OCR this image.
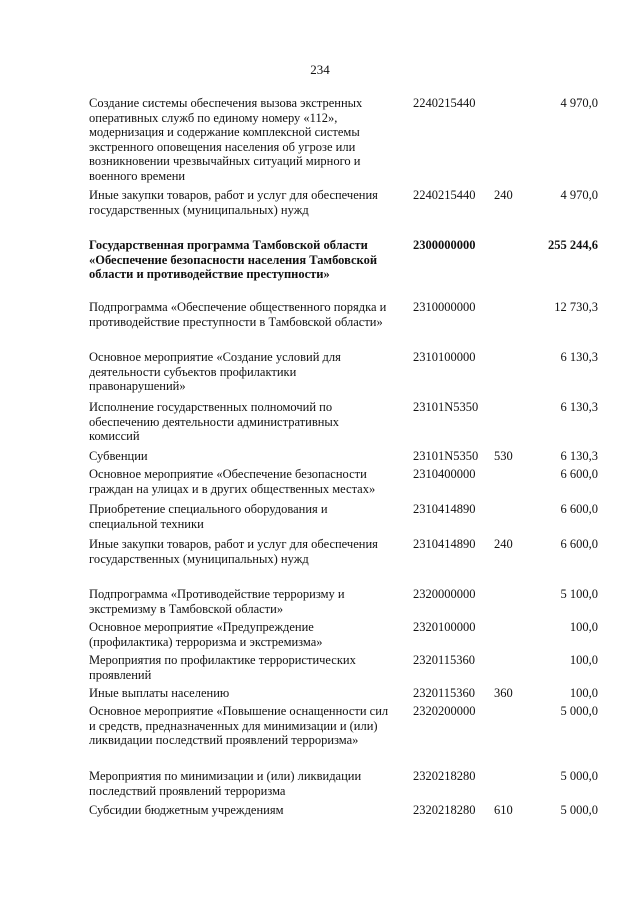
234
Создание системы обеспечения вызова экстренных оперативных служб по единому номеру «112», модернизация и содержание комплексной системы экстренного оповещения населения об угрозе или возникновении чрезвычайных ситуаций мирного и военного времени
2240215440	4 970,0
Иные закупки товаров, работ и услуг для обеспечения государственных (муниципальных) нужд
2240215440 240	4 970,0
Государственная программа Тамбовской области «Обеспечение безопасности населения Тамбовской области и противодействие преступности»
2300000000	255 244,6
Подпрограмма «Обеспечение общественного порядка и противодействие преступности в Тамбовской области»
2310000000	12 730,3
Основное мероприятие «Создание условий для деятельности субъектов профилактики правонарушений»
2310100000	6 130,3
Исполнение государственных полномочий по обеспечению деятельности административных комиссий
23101N5350	6 130,3
Субвенции	23101N5350 530	6 130,3
Основное мероприятие «Обеспечение безопасности граждан на улицах и в других общественных местах»
2310400000	6 600,0
Приобретение специального оборудования и специальной техники
2310414890	6 600,0
Иные закупки товаров, работ и услуг для обеспечения государственных (муниципальных) нужд
2310414890 240	6 600,0
Подпрограмма «Противодействие терроризму и экстремизму в Тамбовской области»
2320000000	5 100,0
Основное мероприятие «Предупреждение (профилактика) терроризма и экстремизма»
2320100000	100,0
Мероприятия по профилактике террористических проявлений
2320115360	100,0
Иные выплаты населению	2320115360 360	100,0
Основное мероприятие «Повышение оснащенности сил и средств, предназначенных для минимизации и (или) ликвидации последствий проявлений терроризма»
2320200000	5 000,0
Мероприятия по минимизации и (или) ликвидации последствий проявлений терроризма
2320218280	5 000,0
Субсидии бюджетным учреждениям	2320218280 610	5 000,0
